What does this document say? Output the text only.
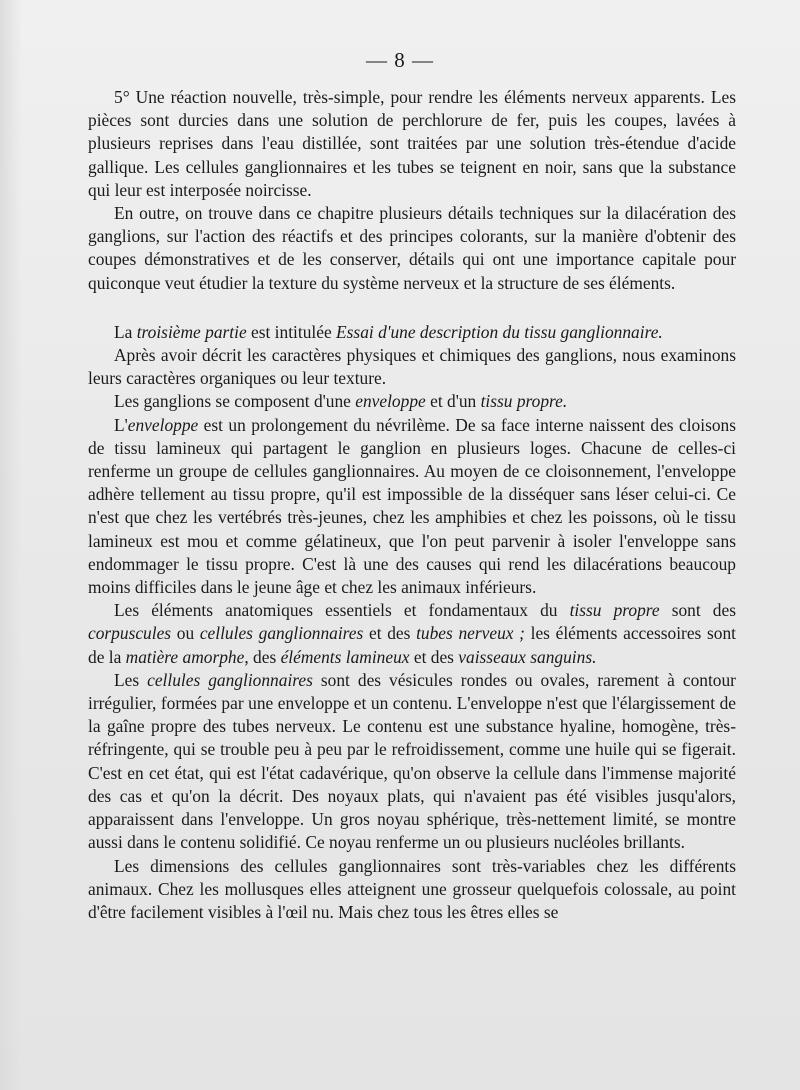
— 8 —

5° Une réaction nouvelle, très-simple, pour rendre les éléments nerveux apparents. Les pièces sont durcies dans une solution de perchlorure de fer, puis les coupes, lavées à plusieurs reprises dans l'eau distillée, sont traitées par une solution très-étendue d'acide gallique. Les cellules ganglionnaires et les tubes se teignent en noir, sans que la substance qui leur est interposée noircisse.

En outre, on trouve dans ce chapitre plusieurs détails techniques sur la dilacération des ganglions, sur l'action des réactifs et des principes colorants, sur la manière d'obtenir des coupes démonstratives et de les conserver, détails qui ont une importance capitale pour quiconque veut étudier la texture du système nerveux et la structure de ses éléments.

La troisième partie est intitulée Essai d'une description du tissu ganglionnaire.

Après avoir décrit les caractères physiques et chimiques des ganglions, nous examinons leurs caractères organiques ou leur texture.

Les ganglions se composent d'une enveloppe et d'un tissu propre.

L'enveloppe est un prolongement du névrilème. De sa face interne naissent des cloisons de tissu lamineux qui partagent le ganglion en plusieurs loges. Chacune de celles-ci renferme un groupe de cellules ganglionnaires. Au moyen de ce cloisonnement, l'enveloppe adhère tellement au tissu propre, qu'il est impossible de la disséquer sans léser celui-ci. Ce n'est que chez les vertébrés très-jeunes, chez les amphibies et chez les poissons, où le tissu lamineux est mou et comme gélatineux, que l'on peut parvenir à isoler l'enveloppe sans endommager le tissu propre. C'est là une des causes qui rend les dilacérations beaucoup moins difficiles dans le jeune âge et chez les animaux inférieurs.

Les éléments anatomiques essentiels et fondamentaux du tissu propre sont des corpuscules ou cellules ganglionnaires et des tubes nerveux ; les éléments accessoires sont de la matière amorphe, des éléments lamineux et des vaisseaux sanguins.

Les cellules ganglionnaires sont des vésicules rondes ou ovales, rarement à contour irrégulier, formées par une enveloppe et un contenu. L'enveloppe n'est que l'élargissement de la gaîne propre des tubes nerveux. Le contenu est une substance hyaline, homogène, très-réfringente, qui se trouble peu à peu par le refroidissement, comme une huile qui se figerait. C'est en cet état, qui est l'état cadavérique, qu'on observe la cellule dans l'immense majorité des cas et qu'on la décrit. Des noyaux plats, qui n'avaient pas été visibles jusqu'alors, apparaissent dans l'enveloppe. Un gros noyau sphérique, très-nettement limité, se montre aussi dans le contenu solidifié. Ce noyau renferme un ou plusieurs nucléoles brillants.

Les dimensions des cellules ganglionnaires sont très-variables chez les différents animaux. Chez les mollusques elles atteignent une grosseur quelquefois colossale, au point d'être facilement visibles à l'œil nu. Mais chez tous les êtres elles se
